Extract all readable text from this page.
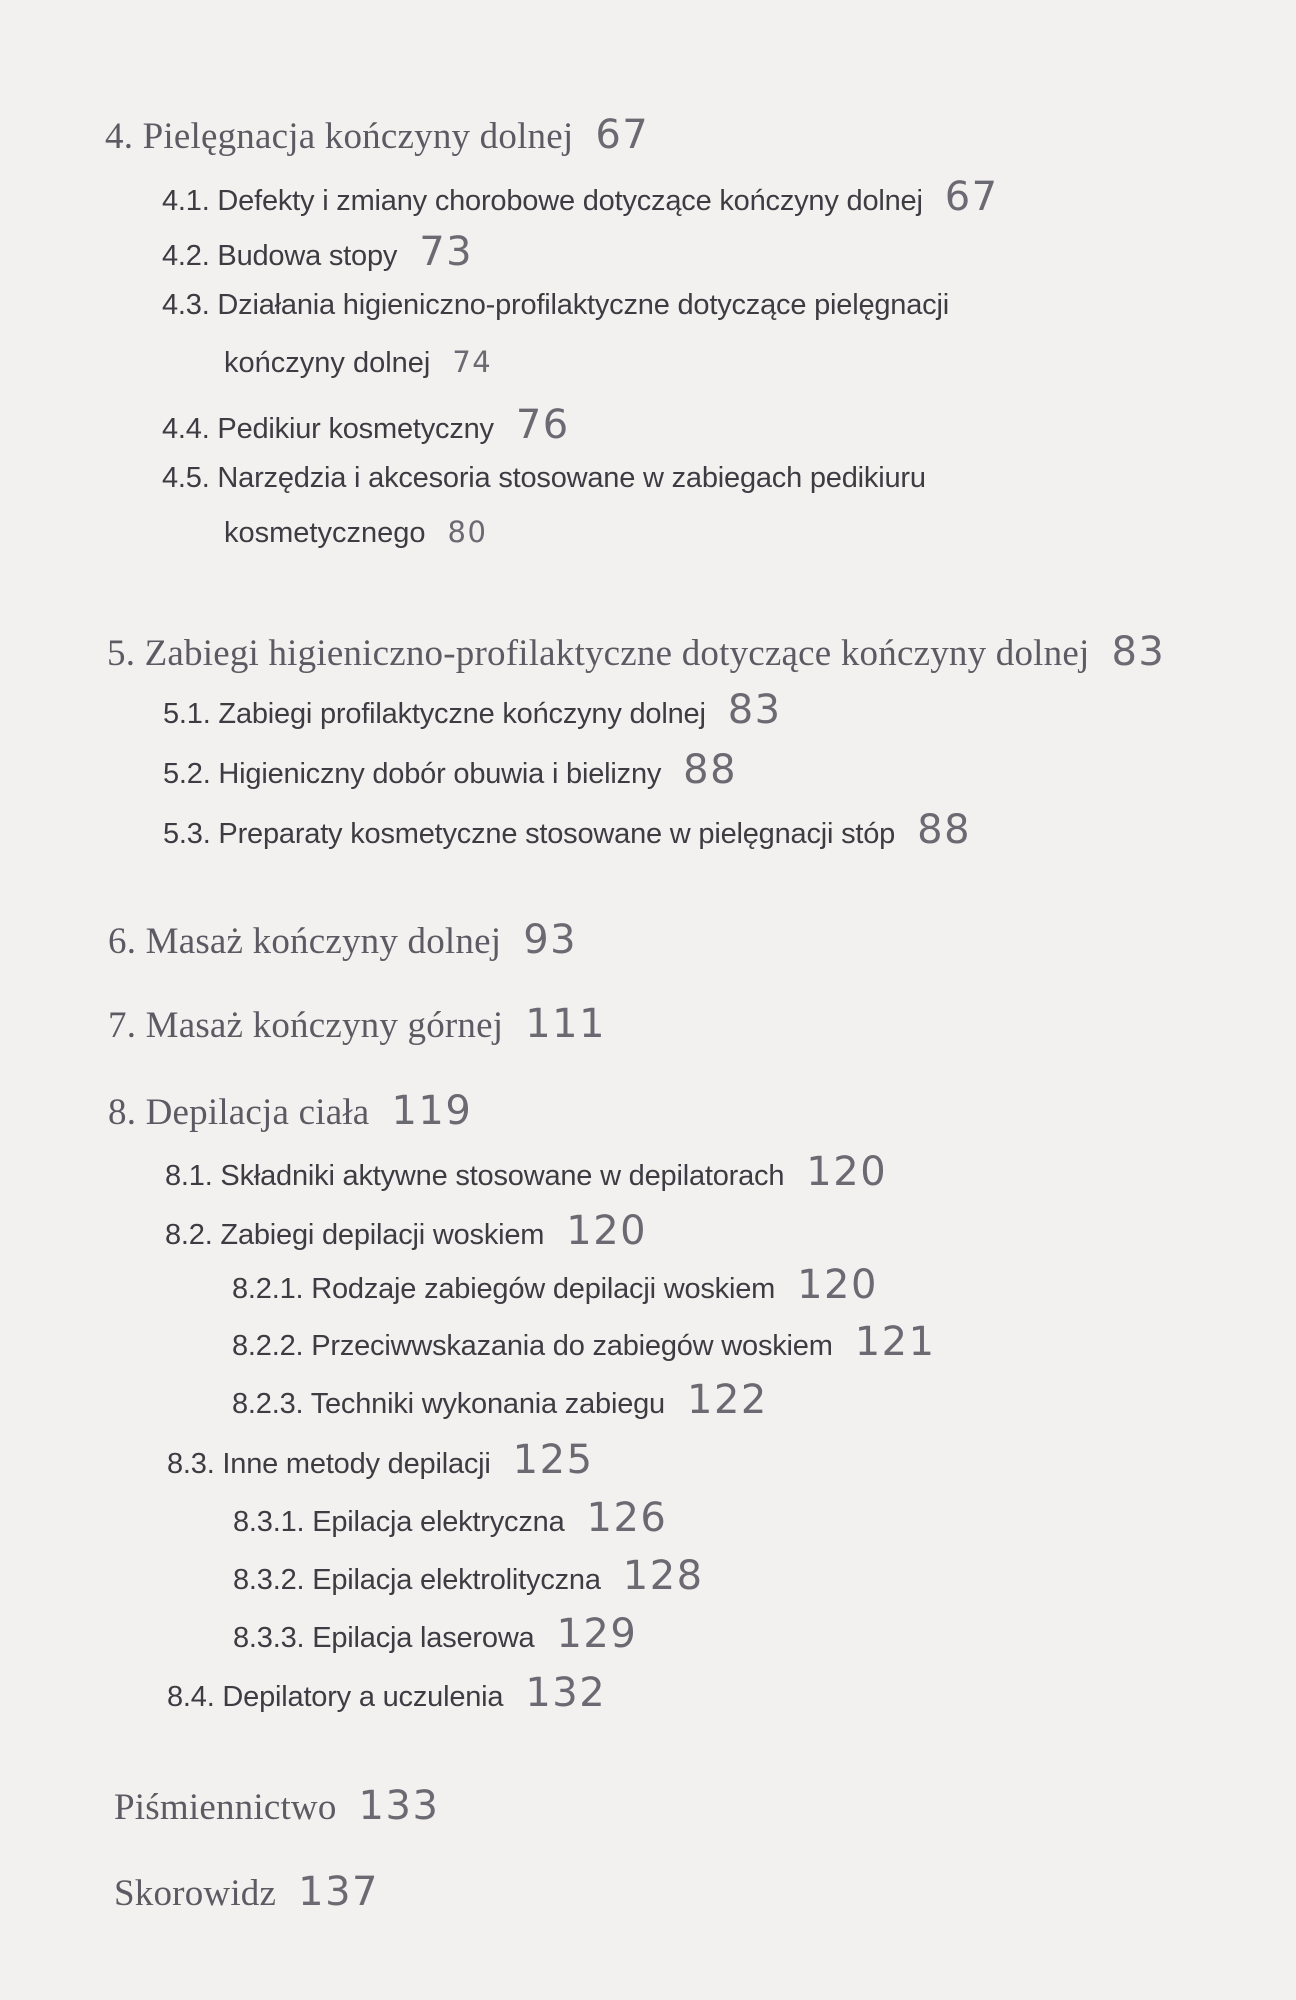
4. Pielęgnacja kończyny dolnej 67
4.1. Defekty i zmiany chorobowe dotyczące kończyny dolnej 67
4.2. Budowa stopy 73
4.3. Działania higieniczno-profilaktyczne dotyczące pielęgnacji
kończyny dolnej 74
4.4. Pedikiur kosmetyczny 76
4.5. Narzędzia i akcesoria stosowane w zabiegach pedikiuru
kosmetycznego 80
5. Zabiegi higieniczno-profilaktyczne dotyczące kończyny dolnej 83
5.1. Zabiegi profilaktyczne kończyny dolnej 83
5.2. Higieniczny dobór obuwia i bielizny 88
5.3. Preparaty kosmetyczne stosowane w pielęgnacji stóp 88
6. Masaż kończyny dolnej 93
7. Masaż kończyny górnej 111
8. Depilacja ciała 119
8.1. Składniki aktywne stosowane w depilatorach 120
8.2. Zabiegi depilacji woskiem 120
8.2.1. Rodzaje zabiegów depilacji woskiem 120
8.2.2. Przeciwwskazania do zabiegów woskiem 121
8.2.3. Techniki wykonania zabiegu 122
8.3. Inne metody depilacji 125
8.3.1. Epilacja elektryczna 126
8.3.2. Epilacja elektrolityczna 128
8.3.3. Epilacja laserowa 129
8.4. Depilatory a uczulenia 132
Piśmiennictwo 133
Skorowidz 137
